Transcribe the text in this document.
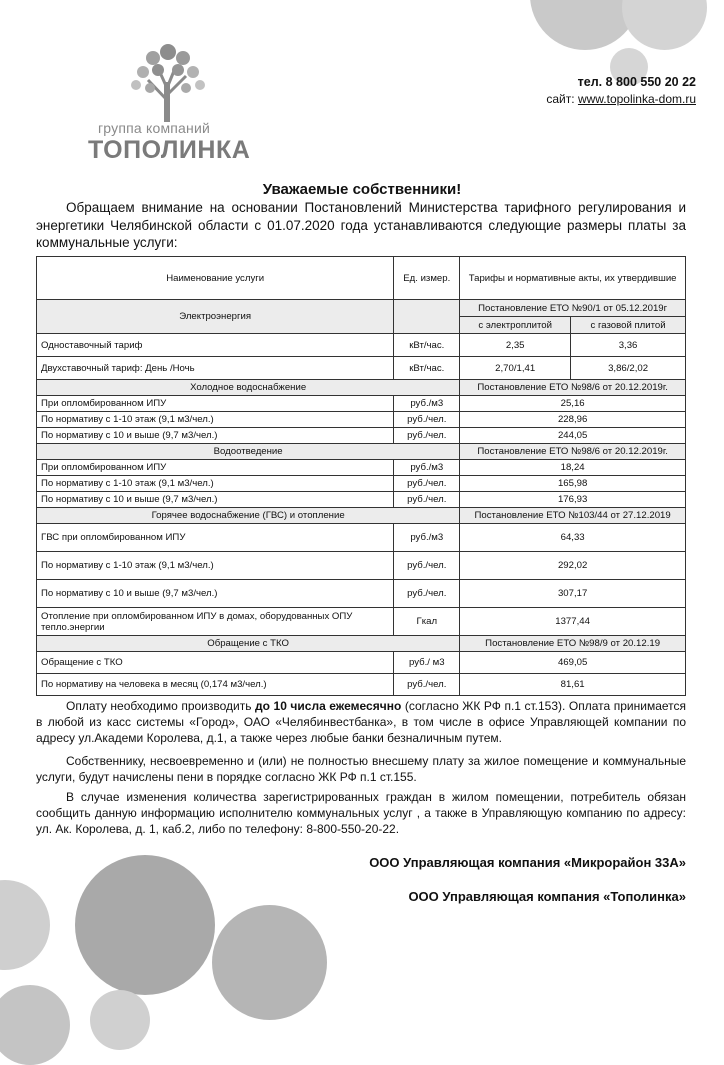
группа компаний
ТОПОЛИНКА
тел. 8 800 550 20 22
сайт: www.topolinka-dom.ru
Уважаемые собственники!
Обращаем внимание на основании Постановлений Министерства тарифного регулирования и энергетики Челябинской области с 01.07.2020 года устанавливаются следующие размеры платы за коммунальные услуги:
Наименование услуги	Ед. измер.	Тарифы и нормативные акты, их утвердившие	
Электроэнергия		Постановление ЕТО №90/1 от 05.12.2019г	
		с электроплитой	с газовой плитой
Одноставочный тариф	кВт/час.	2,35	3,36
Двухставочный тариф: День /Ночь	кВт/час.	2,70/1,41	3,86/2,02
Холодное водоснабжение		Постановление ЕТО №98/6 от 20.12.2019г.	
При опломбированном ИПУ	руб./м3	25,16	
По нормативу с 1-10 этаж (9,1 м3/чел.)	руб./чел.	228,96	
По нормативу с 10 и выше (9,7 м3/чел.)	руб./чел.	244,05	
Водоотведение		Постановление ЕТО №98/6 от 20.12.2019г.	
При опломбированном ИПУ	руб./м3	18,24	
По нормативу с 1-10 этаж (9,1 м3/чел.)	руб./чел.	165,98	
По нормативу с 10 и выше (9,7 м3/чел.)	руб./чел.	176,93	
Горячее водоснабжение (ГВС) и отопление		Постановление ЕТО №103/44 от 27.12.2019	
ГВС при опломбированном ИПУ	руб./м3	64,33	
По нормативу с 1-10 этаж (9,1 м3/чел.)	руб./чел.	292,02	
По нормативу с 10 и выше (9,7 м3/чел.)	руб./чел.	307,17	
Отопление при опломбированном ИПУ в домах, оборудованных ОПУ тепло.энергии	Гкал	1377,44	
Обращение с ТКО		Постановление ЕТО №98/9 от 20.12.19	
Обращение с ТКО	руб./ м3	469,05	
По нормативу на человека в месяц (0,174 м3/чел.)	руб./чел.	81,61	

Оплату необходимо производить до 10 числа ежемесячно (согласно ЖК РФ п.1 ст.153). Оплата принимается в любой из касс системы «Город», ОАО «Челябинвестбанка», в том числе в офисе Управляющей компании по адресу ул.Академи Королева, д.1, а также через любые банки безналичным путем.

Собственнику, несвоевременно и (или) не полностью внесшему плату за жилое помещение и коммунальные услуги, будут начислены пени в порядке согласно ЖК РФ п.1 ст.155.

В случае изменения количества зарегистрированных граждан в жилом помещении, потребитель обязан сообщить данную информацию исполнителю коммунальных услуг , а также в Управляющую компанию по адресу: ул. Ак. Королева, д. 1, каб.2, либо по телефону: 8-800-550-20-22.

ООО Управляющая компания «Микрорайон 33А»
ООО Управляющая компания «Тополинка»
